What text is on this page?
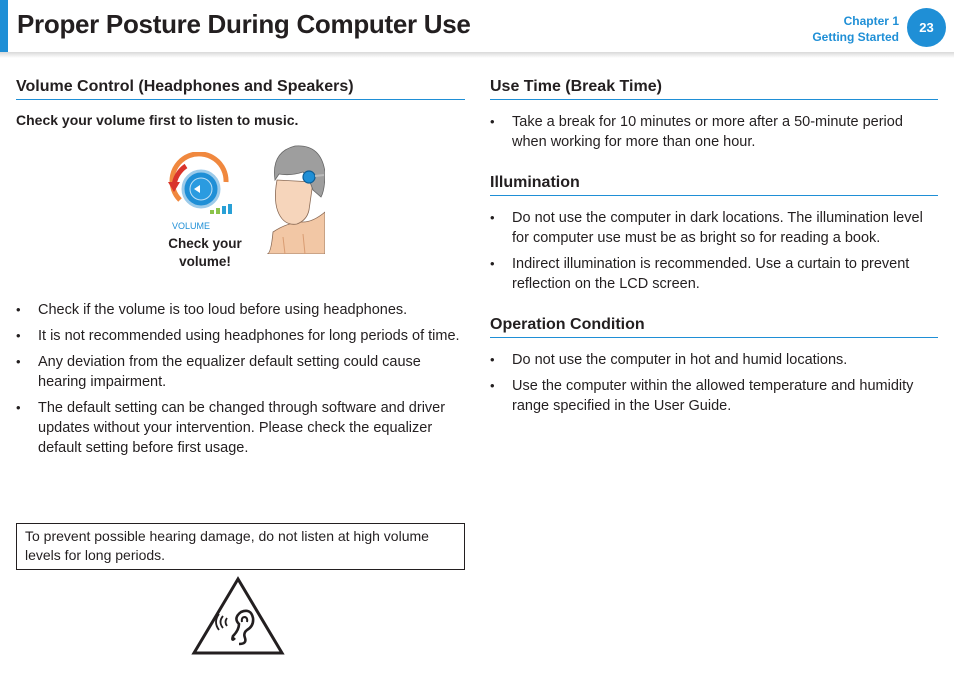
Proper Posture During Computer Use	Chapter 1
Getting Started
23
Volume Control (Headphones and Speakers)

Check your volume first to listen to music.

VOLUME
Check your volume!
• Check if the volume is too loud before using headphones.
• It is not recommended using headphones for long periods of time.
• Any deviation from the equalizer default setting could cause hearing impairment.
• The default setting can be changed through software and driver updates without your intervention. Please check the equalizer default setting before first usage.
To prevent possible hearing damage, do not listen at high volume levels for long periods.
Use Time (Break Time)
• Take a break for 10 minutes or more after a 50-minute period when working for more than one hour.
Illumination
• Do not use the computer in dark locations. The illumination level for computer use must be as bright so for reading a book.
• Indirect illumination is recommended. Use a curtain to prevent reflection on the LCD screen.
Operation Condition
• Do not use the computer in hot and humid locations.
• Use the computer within the allowed temperature and humidity range specified in the User Guide.
